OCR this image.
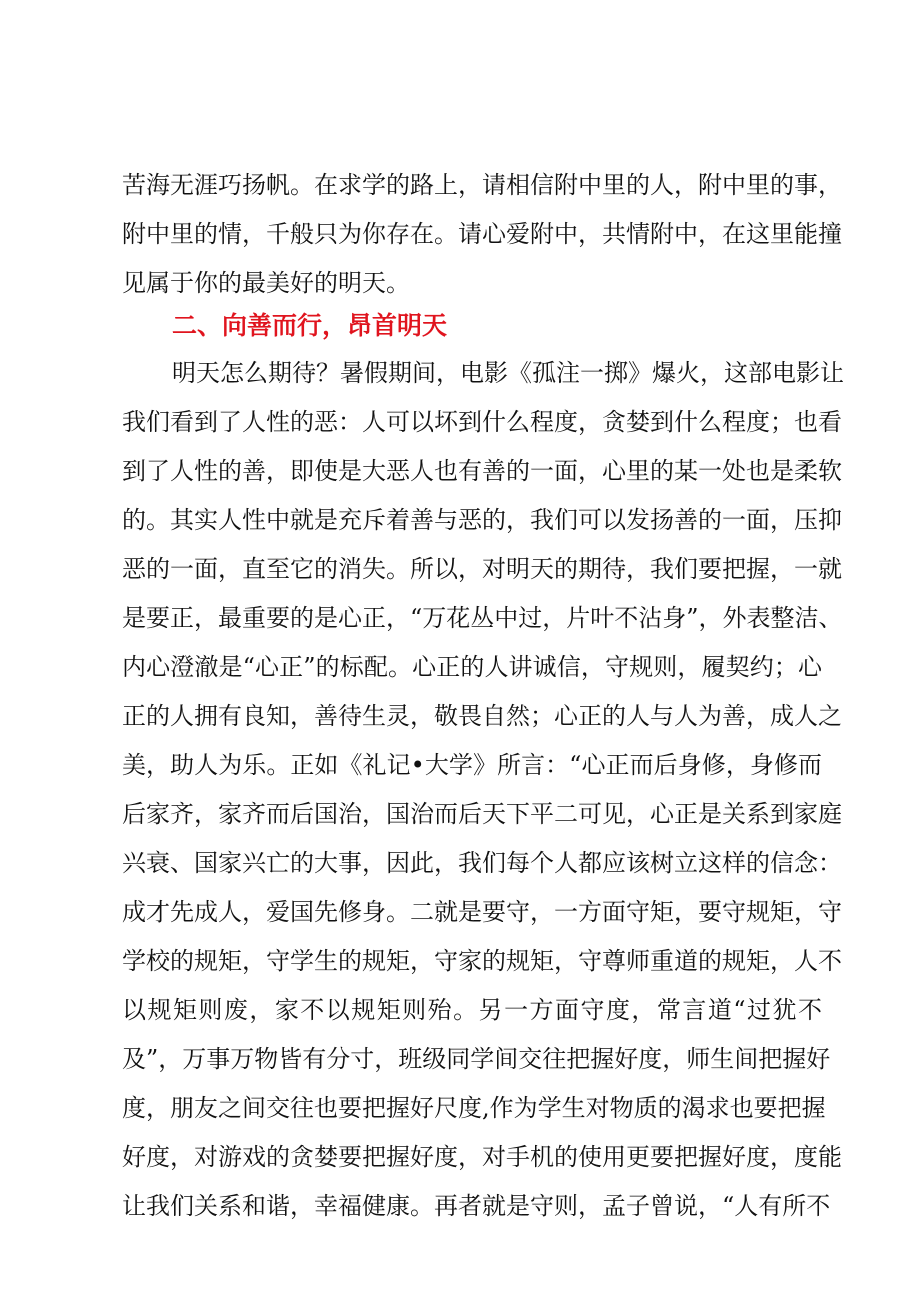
苦海无涯巧扬帆。在求学的路上，请相信附中里的人，附中里的事，
附中里的情，千般只为你存在。请心爱附中，共情附中，在这里能撞
见属于你的最美好的明天。
二、向善而行，昂首明天
明天怎么期待？暑假期间，电影《孤注一掷》爆火，这部电影让
我们看到了人性的恶：人可以坏到什么程度，贪婪到什么程度；也看
到了人性的善，即使是大恶人也有善的一面，心里的某一处也是柔软
的。其实人性中就是充斥着善与恶的，我们可以发扬善的一面，压抑
恶的一面，直至它的消失。所以，对明天的期待，我们要把握，一就
是要正，最重要的是心正，“万花丛中过，片叶不沾身”，外表整洁、
内心澄澈是“心正”的标配。心正的人讲诚信，守规则，履契约；心
正的人拥有良知，善待生灵，敬畏自然；心正的人与人为善，成人之
美，助人为乐。正如《礼记•大学》所言：“心正而后身修，身修而
后家齐，家齐而后国治，国治而后天下平二可见，心正是关系到家庭
兴衰、国家兴亡的大事，因此，我们每个人都应该树立这样的信念：
成才先成人，爱国先修身。二就是要守，一方面守矩，要守规矩，守
学校的规矩，守学生的规矩，守家的规矩，守尊师重道的规矩，人不
以规矩则废，家不以规矩则殆。另一方面守度，常言道“过犹不
及”，万事万物皆有分寸，班级同学间交往把握好度，师生间把握好
度，朋友之间交往也要把握好尺度,作为学生对物质的渴求也要把握
好度，对游戏的贪婪要把握好度，对手机的使用更要把握好度，度能
让我们关系和谐，幸福健康。再者就是守则，孟子曾说，“人有所不
